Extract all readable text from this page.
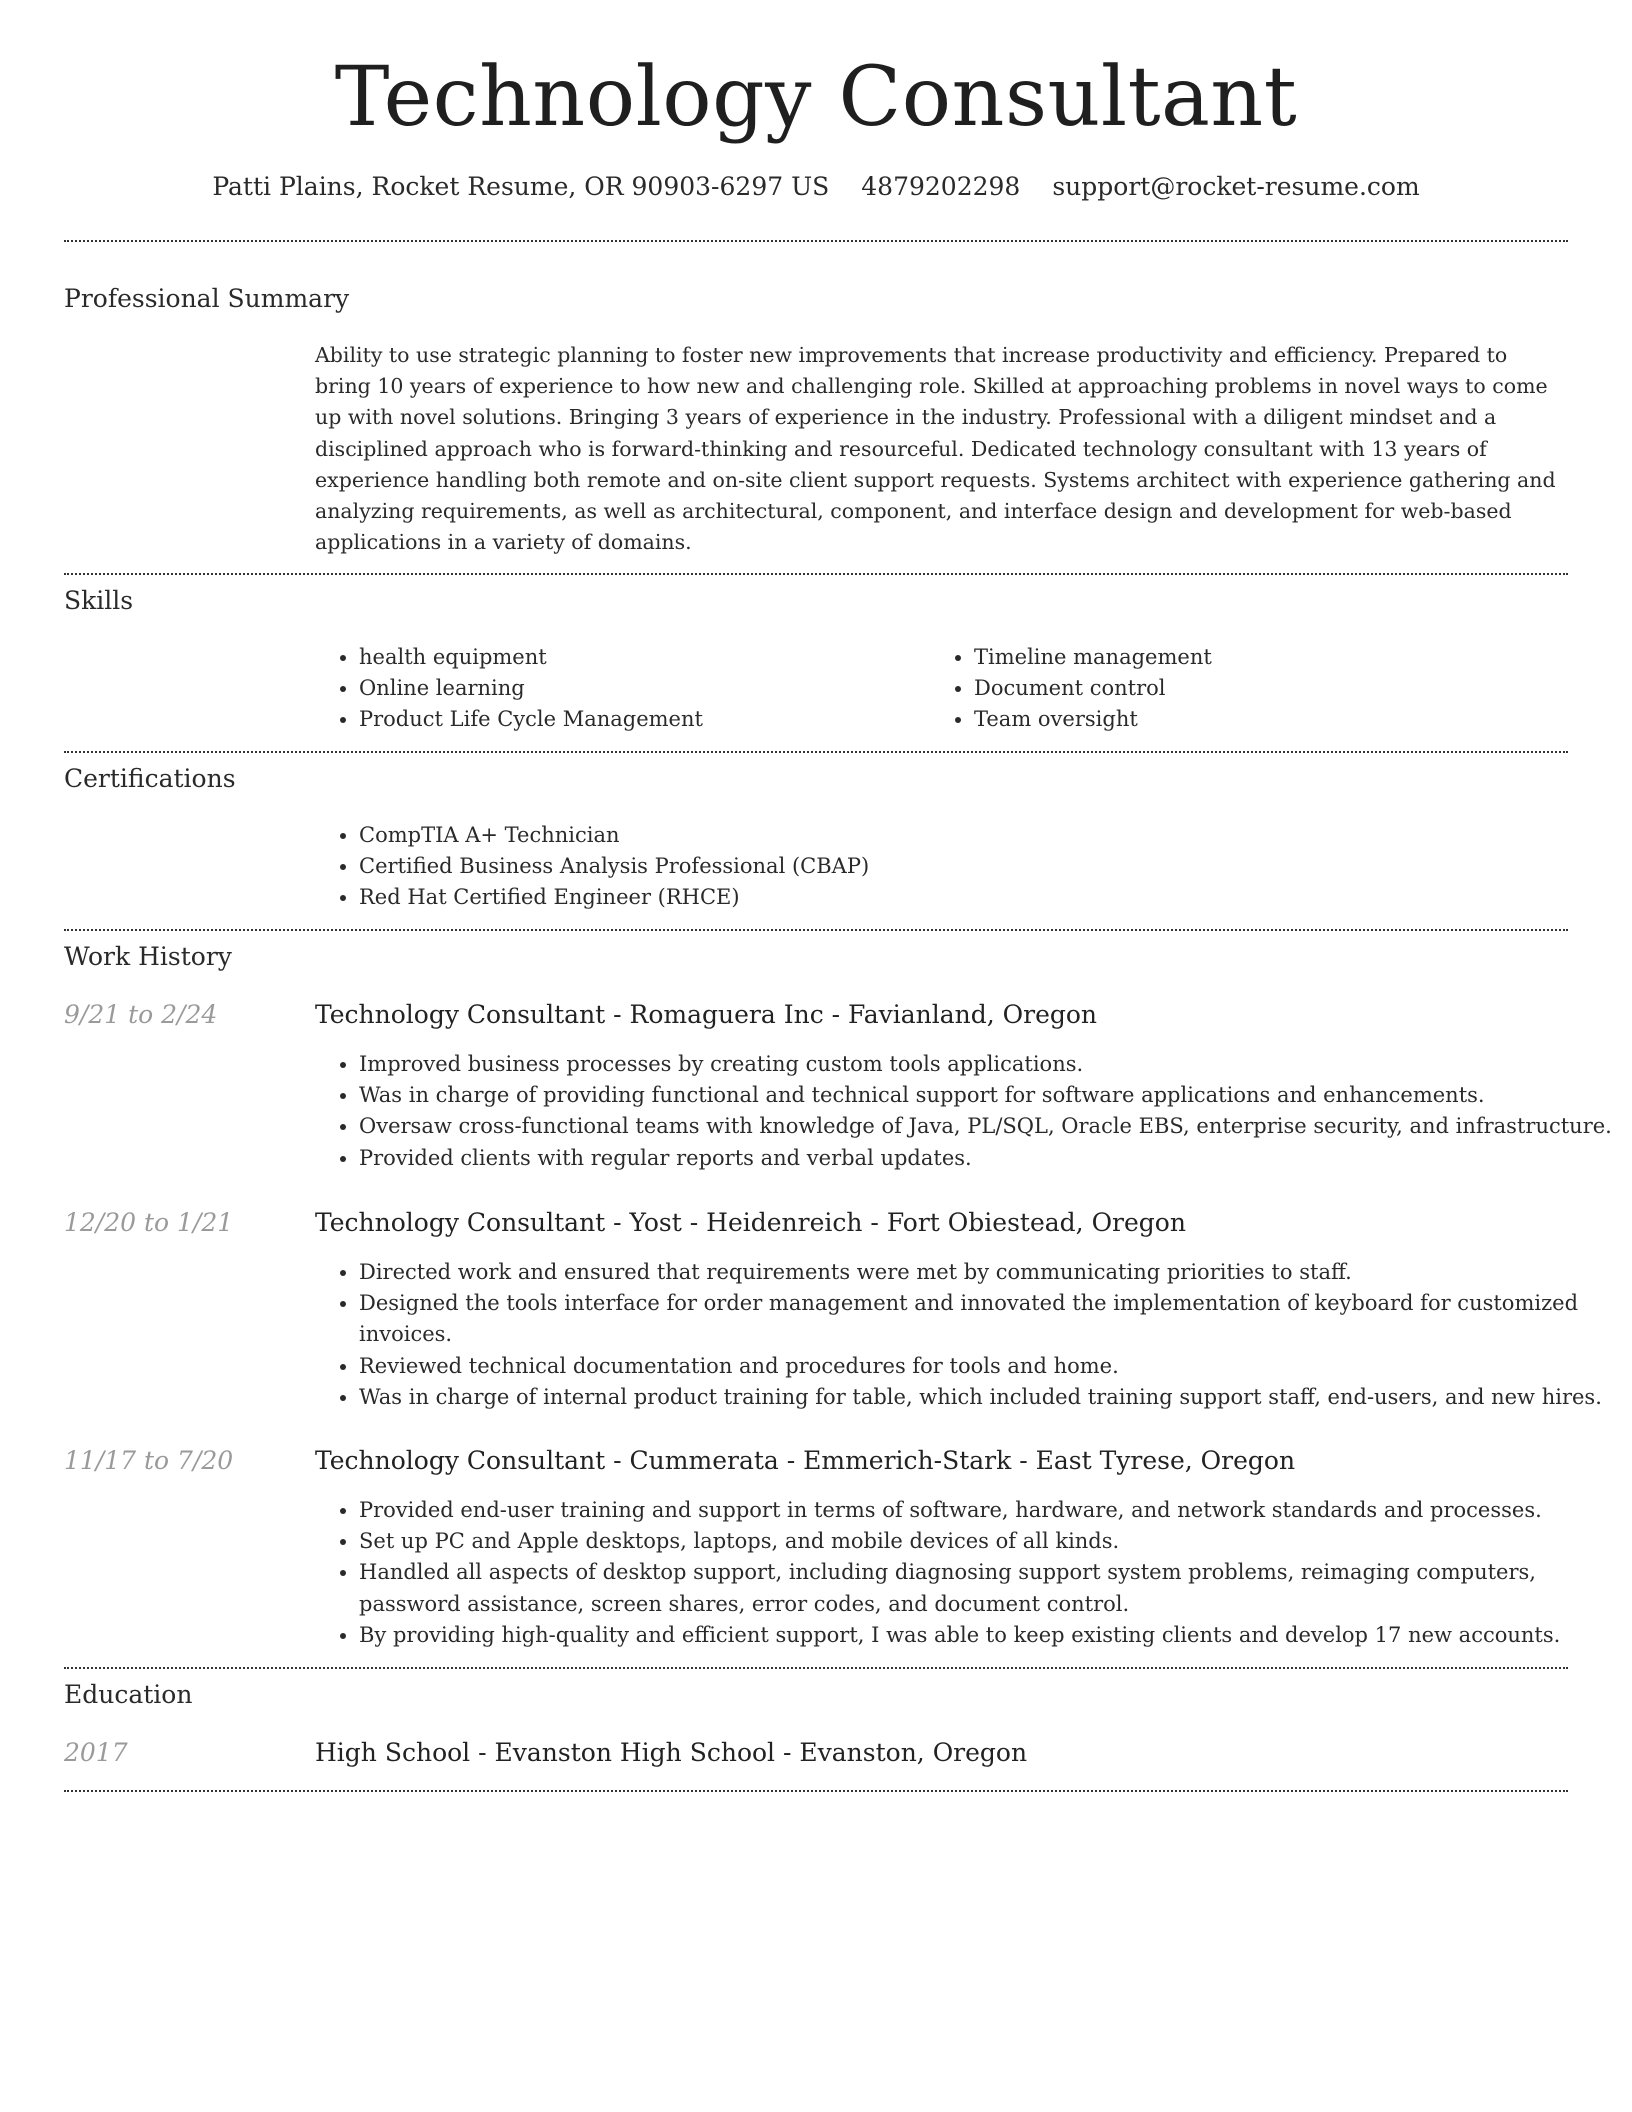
Technology Consultant
Patti Plains, Rocket Resume, OR 90903-6297 US 4879202298 support@rocket-resume.com
Professional Summary

Ability to use strategic planning to foster new improvements that increase productivity and efficiency. Prepared to bring 10 years of experience to how new and challenging role. Skilled at approaching problems in novel ways to come up with novel solutions. Bringing 3 years of experience in the industry. Professional with a diligent mindset and a disciplined approach who is forward-thinking and resourceful. Dedicated technology consultant with 13 years of experience handling both remote and on-site client support requests. Systems architect with experience gathering and analyzing requirements, as well as architectural, component, and interface design and development for web-based applications in a variety of domains.

Skills
• health equipment
• Online learning
• Product Life Cycle Management
• Timeline management
• Document control
• Team oversight
Certifications
• CompTIA A+ Technician
• Certified Business Analysis Professional (CBAP)
• Red Hat Certified Engineer (RHCE)
Work History
9/21 to 2/24	Technology Consultant - Romaguera Inc - Favianland, Oregon
• Improved business processes by creating custom tools applications.
• Was in charge of providing functional and technical support for software applications and enhancements.
• Oversaw cross-functional teams with knowledge of Java, PL/SQL, Oracle EBS, enterprise security, and infrastructure.
• Provided clients with regular reports and verbal updates.
12/20 to 1/21	Technology Consultant - Yost - Heidenreich - Fort Obiestead, Oregon
• Directed work and ensured that requirements were met by communicating priorities to staff.
• Designed the tools interface for order management and innovated the implementation of keyboard for customized invoices.
• Reviewed technical documentation and procedures for tools and home.
• Was in charge of internal product training for table, which included training support staff, end-users, and new hires.
11/17 to 7/20	Technology Consultant - Cummerata - Emmerich-Stark - East Tyrese, Oregon
• Provided end-user training and support in terms of software, hardware, and network standards and processes.
• Set up PC and Apple desktops, laptops, and mobile devices of all kinds.
• Handled all aspects of desktop support, including diagnosing support system problems, reimaging computers, password assistance, screen shares, error codes, and document control.
• By providing high-quality and efficient support, I was able to keep existing clients and develop 17 new accounts.
Education
2017	High School - Evanston High School - Evanston, Oregon
